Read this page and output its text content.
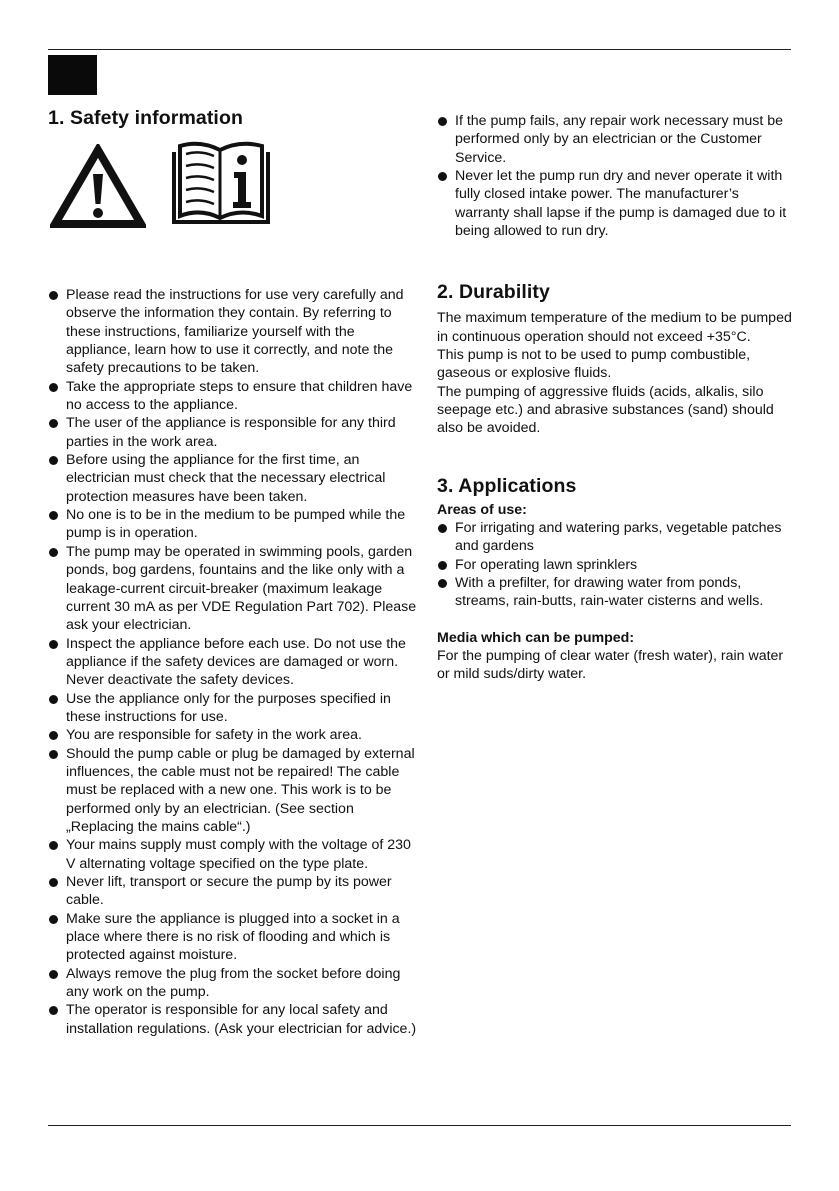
1. Safety information
Please read the instructions for use very carefully and observe the information they contain. By referring to these instructions, familiarize yourself with the appliance, learn how to use it correctly, and note the safety precautions to be taken.
Take the appropriate steps to ensure that children have no access to the appliance.
The user of the appliance is responsible for any third parties in the work area.
Before using the appliance for the first time, an electrician must check that the necessary electrical protection measures have been taken.
No one is to be in the medium to be pumped while the pump is in operation.
The pump may be operated in swimming pools, garden ponds, bog gardens, fountains and the like only with a leakage-current circuit-breaker (maximum leakage current 30 mA as per VDE Regulation Part 702). Please ask your electrician.
Inspect the appliance before each use. Do not use the appliance if the safety devices are damaged or worn. Never deactivate the safety devices.
Use the appliance only for the purposes specified in these instructions for use.
You are responsible for safety in the work area.
Should the pump cable or plug be damaged by external influences, the cable must not be repaired! The cable must be replaced with a new one. This work is to be performed only by an electrician. (See section „Replacing the mains cable“.)
Your mains supply must comply with the voltage of 230 V alternating voltage specified on the type plate.
Never lift, transport or secure the pump by its power cable.
Make sure the appliance is plugged into a socket in a place where there is no risk of flooding and which is protected against moisture.
Always remove the plug from the socket before doing any work on the pump.
The operator is responsible for any local safety and installation regulations. (Ask your electrician for advice.)
If the pump fails, any repair work necessary must be performed only by an electrician or the Customer Service.
Never let the pump run dry and never operate it with fully closed intake power. The manufacturer’s warranty shall lapse if the pump is damaged due to it being allowed to run dry.
2. Durability

The maximum temperature of the medium to be pumped in continuous operation should not exceed +35°C.

This pump is not to be used to pump combustible, gaseous or explosive fluids.

The pumping of aggressive fluids (acids, alkalis, silo seepage etc.) and abrasive substances (sand) should also be avoided.

3. Applications
Areas of use:
For irrigating and watering parks, vegetable patches and gardens
For operating lawn sprinklers
With a prefilter, for drawing water from ponds, streams, rain-butts, rain-water cisterns and wells.
Media which can be pumped:

For the pumping of clear water (fresh water), rain water or mild suds/dirty water.
